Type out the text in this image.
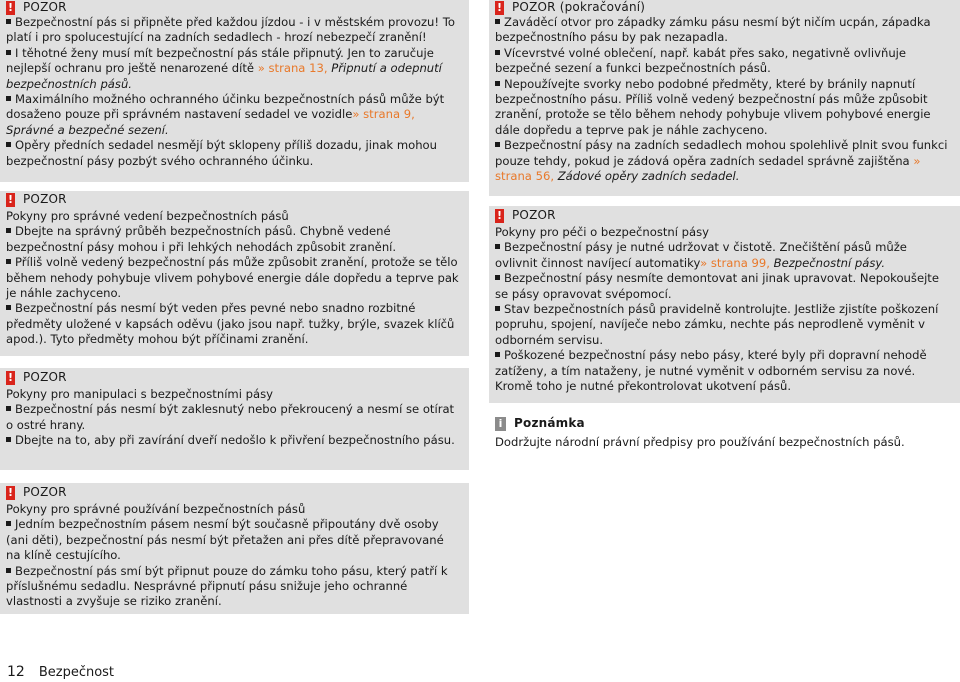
! POZOR
Bezpečnostní pás si připněte před každou jízdou - i v městském provozu! To platí i pro spolucestující na zadních sedadlech - hrozí nebezpečí zranění!
I těhotné ženy musí mít bezpečnostní pás stále připnutý. Jen to zaručuje nejlepší ochranu pro ještě nenarozené dítě » strana 13, Připnutí a odepnutí bezpečnostních pásů.
Maximálního možného ochranného účinku bezpečnostních pásů může být dosaženo pouze při správném nastavení sedadel ve vozidle» strana 9, Správné a bezpečné sezení.
Opěry předních sedadel nesmějí být sklopeny příliš dozadu, jinak mohou bezpečnostní pásy pozbýt svého ochranného účinku.
! POZOR
Pokyny pro správné vedení bezpečnostních pásů
Dbejte na správný průběh bezpečnostních pásů. Chybně vedené bezpečnostní pásy mohou i při lehkých nehodách způsobit zranění.
Příliš volně vedený bezpečnostní pás může způsobit zranění, protože se tělo během nehody pohybuje vlivem pohybové energie dále dopředu a teprve pak je náhle zachyceno.
Bezpečnostní pás nesmí být veden přes pevné nebo snadno rozbitné předměty uložené v kapsách oděvu (jako jsou např. tužky, brýle, svazek klíčů apod.). Tyto předměty mohou být příčinami zranění.
! POZOR
Pokyny pro manipulaci s bezpečnostními pásy
Bezpečnostní pás nesmí být zaklesnutý nebo překroucený a nesmí se otírat o ostré hrany.
Dbejte na to, aby při zavírání dveří nedošlo k přivření bezpečnostního pásu.
! POZOR
Pokyny pro správné používání bezpečnostních pásů
Jedním bezpečnostním pásem nesmí být současně připoutány dvě osoby (ani děti), bezpečnostní pás nesmí být přetažen ani přes dítě přepravované na klíně cestujícího.
Bezpečnostní pás smí být připnut pouze do zámku toho pásu, který patří k příslušnému sedadlu. Nesprávné připnutí pásu snižuje jeho ochranné vlastnosti a zvyšuje se riziko zranění.
! POZOR (pokračování)
Zaváděcí otvor pro západky zámku pásu nesmí být ničím ucpán, západka bezpečnostního pásu by pak nezapadla.
Vícevrstvé volné oblečení, např. kabát přes sako, negativně ovlivňuje bezpečné sezení a funkci bezpečnostních pásů.
Nepoužívejte svorky nebo podobné předměty, které by bránily napnutí bezpečnostního pásu. Příliš volně vedený bezpečnostní pás může způsobit zranění, protože se tělo během nehody pohybuje vlivem pohybové energie dále dopředu a teprve pak je náhle zachyceno.
Bezpečnostní pásy na zadních sedadlech mohou spolehlivě plnit svou funkci pouze tehdy, pokud je zádová opěra zadních sedadel správně zajištěna » strana 56, Zádové opěry zadních sedadel.
! POZOR
Pokyny pro péči o bezpečnostní pásy
Bezpečnostní pásy je nutné udržovat v čistotě. Znečištění pásů může ovlivnit činnost navíjecí automatiky» strana 99, Bezpečnostní pásy.
Bezpečnostní pásy nesmíte demontovat ani jinak upravovat. Nepokoušejte se pásy opravovat svépomocí.
Stav bezpečnostních pásů pravidelně kontrolujte. Jestliže zjistíte poškození popruhu, spojení, navíječe nebo zámku, nechte pás neprodleně vyměnit v odborném servisu.
Poškozené bezpečnostní pásy nebo pásy, které byly při dopravní nehodě zatíženy, a tím nataženy, je nutné vyměnit v odborném servisu za nové. Kromě toho je nutné překontrolovat ukotvení pásů.
i Poznámka
Dodržujte národní právní předpisy pro používání bezpečnostních pásů.
12 Bezpečnost
